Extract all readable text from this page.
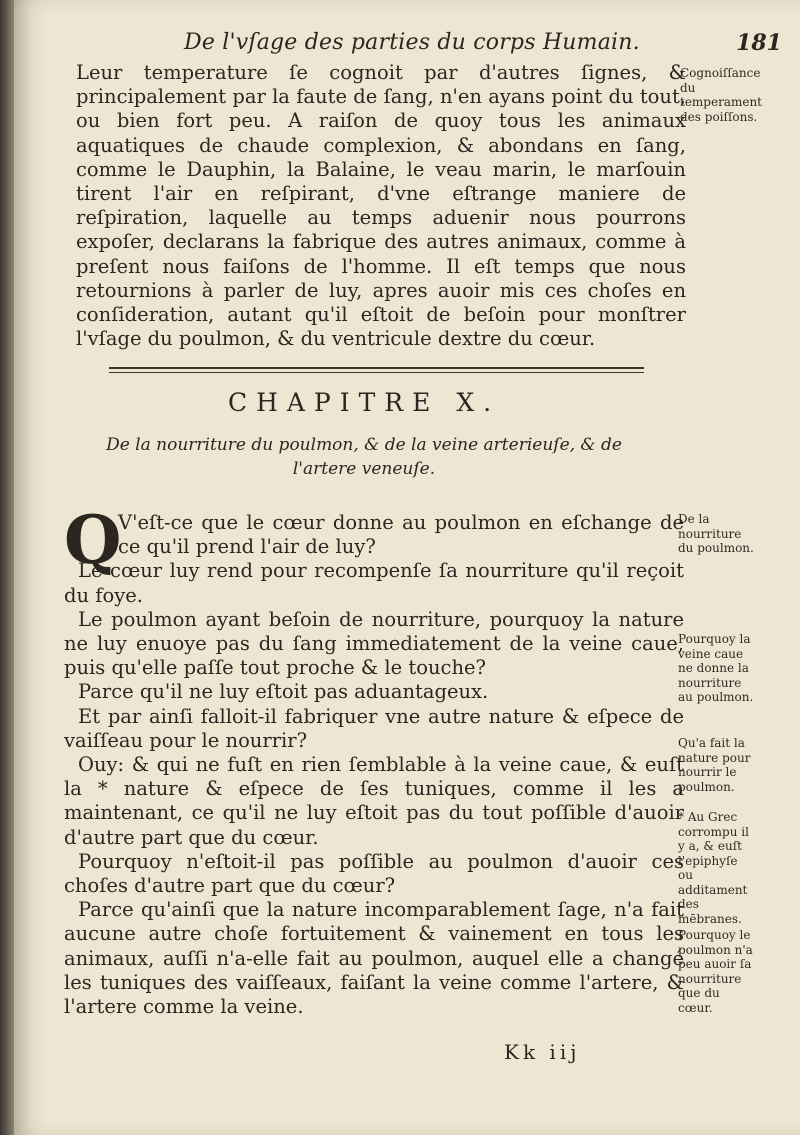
De l'vſage des parties du corps Humain.	181

Leur temperature ſe cognoit par d'autres ſignes, & principalement par la faute de ſang, n'en ayans point du tout, ou bien fort peu. A raiſon de quoy tous les animaux aquatiques de chaude complexion, & abondans en ſang, comme le Dauphin, la Balaine, le veau marin, le marſouin tirent l'air en reſpirant, d'vne eſtrange maniere de reſpiration, laquelle au temps aduenir nous pourrons expoſer, declarans la fabrique des autres animaux, comme à preſent nous faiſons de l'homme. Il eſt temps que nous retournions à parler de luy, apres auoir mis ces choſes en conſideration, autant qu'il eſtoit de beſoin pour monſtrer l'vſage du poulmon, & du ventricule dextre du cœur.

Cognoiſſance du temperament des poiſſons.
CHAPITRE X.
De la nourriture du poulmon, & de la veine arterieuſe, & de l'artere veneuſe.
Q

V'eſt-ce que le cœur donne au poulmon en eſchange de ce qu'il prend l'air de luy?

Le cœur luy rend pour recompenſe ſa nourriture qu'il reçoit du foye.

Le poulmon ayant beſoin de nourriture, pourquoy la nature ne luy enuoye pas du ſang immediatement de la veine caue, puis qu'elle paſſe tout proche & le touche?

Parce qu'il ne luy eſtoit pas aduantageux.

Et par ainſi falloit-il fabriquer vne autre nature & eſpece de vaiſſeau pour le nourrir?

Ouy: & qui ne fuſt en rien ſemblable à la veine caue, & euſt la * nature & eſpece de ſes tuniques, comme il les a maintenant, ce qu'il ne luy eſtoit pas du tout poſſible d'auoir d'autre part que du cœur.

Pourquoy n'eſtoit-il pas poſſible au poulmon d'auoir ces choſes d'autre part que du cœur?

Parce qu'ainſi que la nature incomparablement ſage, n'a fait aucune autre choſe fortuitement & vainement en tous les animaux, auſſi n'a-elle fait au poulmon, auquel elle a changé les tuniques des vaiſſeaux, faiſant la veine comme l'artere, & l'artere comme la veine.

De la nourriture du poulmon.
Pourquoy la veine caue ne donne la nourriture au poulmon.
Qu'a fait la nature pour nourrir le poulmon.
* Au Grec corrompu il y a, & euſt l'epiphyſe ou additament des mēbranes.
Pourquoy le poulmon n'a peu auoir ſa nourriture que du cœur.
Kk iij
